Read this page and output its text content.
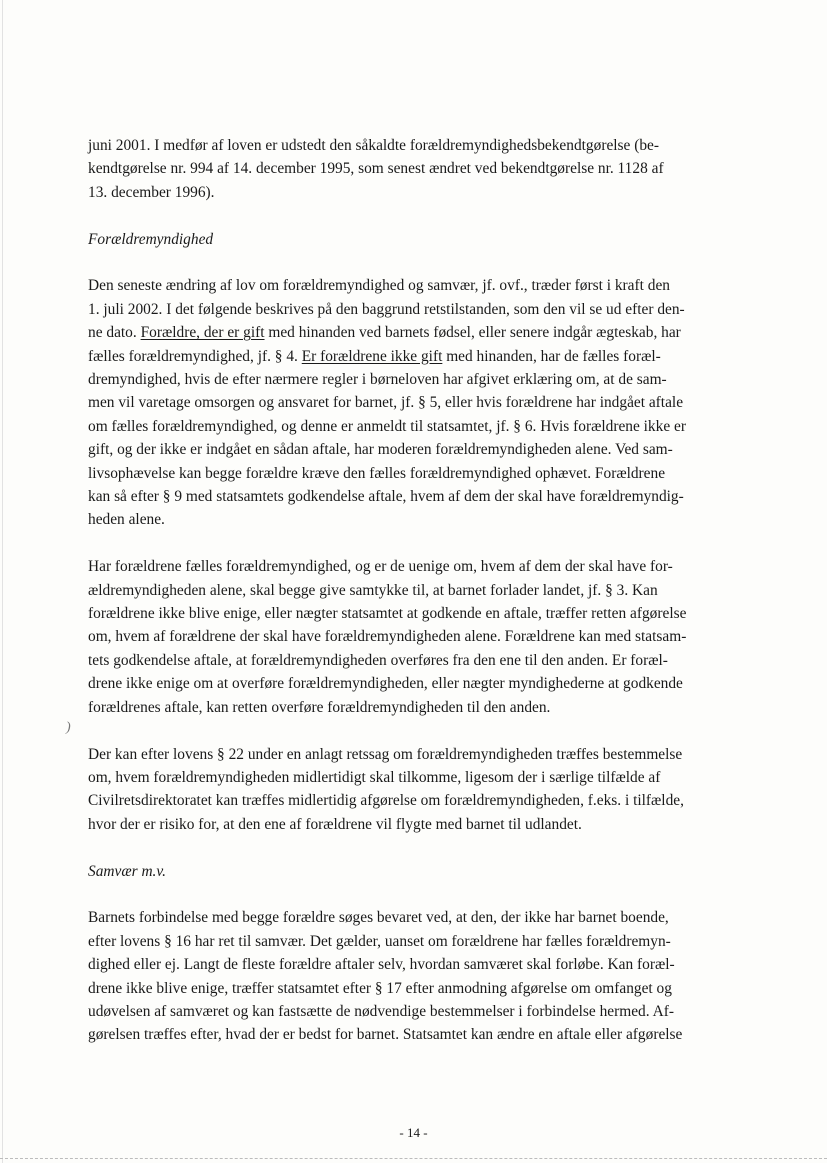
)

juni 2001. I medfør af loven er udstedt den såkaldte forældremyndighedsbekendtgørelse (be-

kendtgørelse nr. 994 af 14. december 1995, som senest ændret ved bekendtgørelse nr. 1128 af

13. december 1996).

Forældremyndighed

Den seneste ændring af lov om forældremyndighed og samvær, jf. ovf., træder først i kraft den

1. juli 2002. I det følgende beskrives på den baggrund retstilstanden, som den vil se ud efter den-

ne dato. Forældre, der er gift med hinanden ved barnets fødsel, eller senere indgår ægteskab, har

fælles forældremyndighed, jf. § 4. Er forældrene ikke gift med hinanden, har de fælles foræl-

dremyndighed, hvis de efter nærmere regler i børneloven har afgivet erklæring om, at de sam-

men vil varetage omsorgen og ansvaret for barnet, jf. § 5, eller hvis forældrene har indgået aftale

om fælles forældremyndighed, og denne er anmeldt til statsamtet, jf. § 6. Hvis forældrene ikke er

gift, og der ikke er indgået en sådan aftale, har moderen forældremyndigheden alene. Ved sam-

livsophævelse kan begge forældre kræve den fælles forældremyndighed ophævet. Forældrene

kan så efter § 9 med statsamtets godkendelse aftale, hvem af dem der skal have forældremyndig-

heden alene.

Har forældrene fælles forældremyndighed, og er de uenige om, hvem af dem der skal have for-

ældremyndigheden alene, skal begge give samtykke til, at barnet forlader landet, jf. § 3. Kan

forældrene ikke blive enige, eller nægter statsamtet at godkende en aftale, træffer retten afgørelse

om, hvem af forældrene der skal have forældremyndigheden alene. Forældrene kan med statsam-

tets godkendelse aftale, at forældremyndigheden overføres fra den ene til den anden. Er foræl-

drene ikke enige om at overføre forældremyndigheden, eller nægter myndighederne at godkende

forældrenes aftale, kan retten overføre forældremyndigheden til den anden.

Der kan efter lovens § 22 under en anlagt retssag om forældremyndigheden træffes bestemmelse

om, hvem forældremyndigheden midlertidigt skal tilkomme, ligesom der i særlige tilfælde af

Civilretsdirektoratet kan træffes midlertidig afgørelse om forældremyndigheden, f.eks. i tilfælde,

hvor der er risiko for, at den ene af forældrene vil flygte med barnet til udlandet.

Samvær m.v.

Barnets forbindelse med begge forældre søges bevaret ved, at den, der ikke har barnet boende,

efter lovens § 16 har ret til samvær. Det gælder, uanset om forældrene har fælles forældremyn-

dighed eller ej. Langt de fleste forældre aftaler selv, hvordan samværet skal forløbe. Kan foræl-

drene ikke blive enige, træffer statsamtet efter § 17 efter anmodning afgørelse om omfanget og

udøvelsen af samværet og kan fastsætte de nødvendige bestemmelser i forbindelse hermed. Af-

gørelsen træffes efter, hvad der er bedst for barnet. Statsamtet kan ændre en aftale eller afgørelse

- 14 -
